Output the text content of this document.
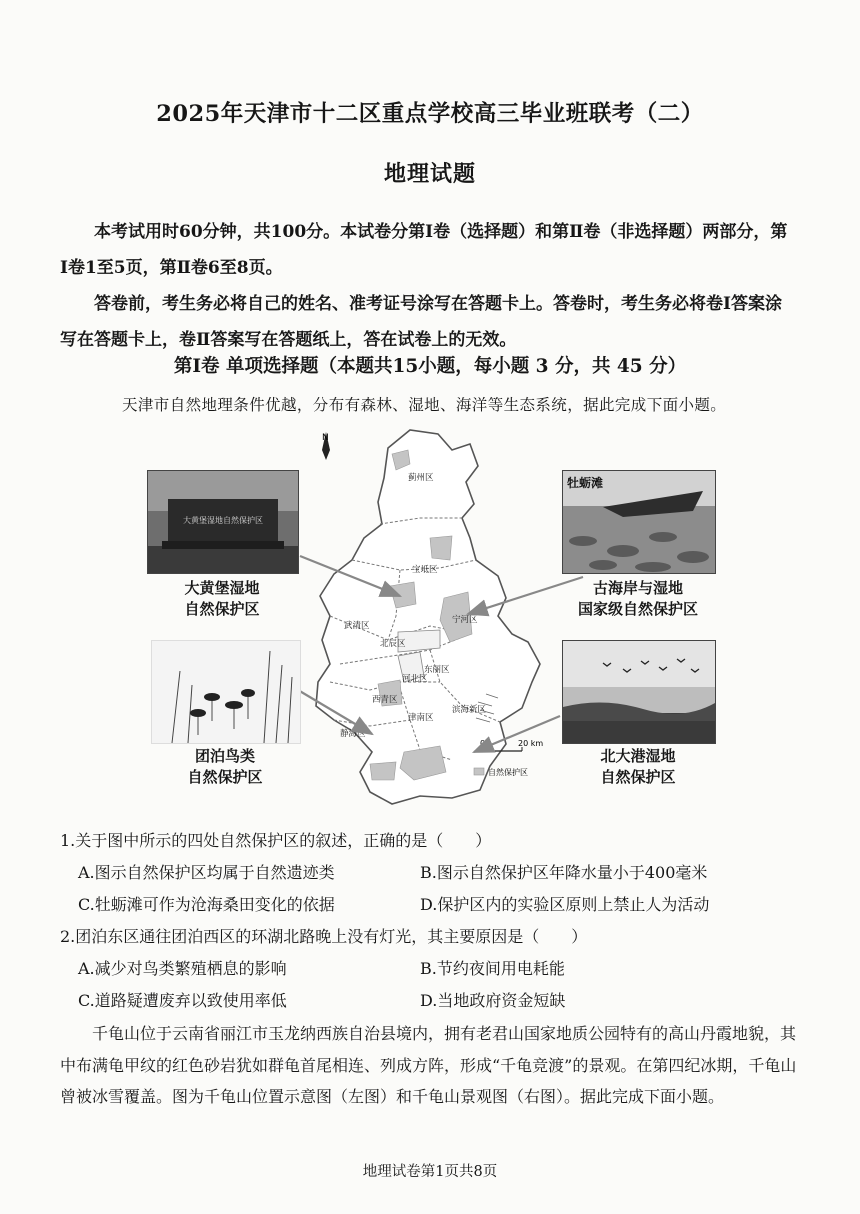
2025年天津市十二区重点学校高三毕业班联考（二）
地理试题
本考试用时60分钟，共100分。本试卷分第Ⅰ卷（选择题）和第Ⅱ卷（非选择题）两部分，第Ⅰ卷1至5页，第Ⅱ卷6至8页。
答卷前，考生务必将自己的姓名、准考证号涂写在答题卡上。答卷时，考生务必将卷Ⅰ答案涂写在答题卡上，卷Ⅱ答案写在答题纸上，答在试卷上的无效。
第Ⅰ卷 单项选择题（本题共15小题，每小题 3 分，共 45 分）
天津市自然地理条件优越，分布有森林、湿地、海洋等生态系统，据此完成下面小题。
N
蓟州区
宝坻区
武清区
宁河区
北辰区
东丽区
河北区
西青区
津南区
滨海新区
静海区
0	20 km
自然保护区
大黄堡湿地自然保护区
大黄堡湿地
自然保护区
牡蛎滩
古海岸与湿地
国家级自然保护区
团泊鸟类
自然保护区
北大港湿地
自然保护区
1.关于图中所示的四处自然保护区的叙述，正确的是（　　）
A.图示自然保护区均属于自然遗迹类	B.图示自然保护区年降水量小于400毫米
C.牡蛎滩可作为沧海桑田变化的依据	D.保护区内的实验区原则上禁止人为活动
2.团泊东区通往团泊西区的环湖北路晚上没有灯光，其主要原因是（　　）
A.减少对鸟类繁殖栖息的影响	B.节约夜间用电耗能
C.道路疑遭废弃以致使用率低	D.当地政府资金短缺
千龟山位于云南省丽江市玉龙纳西族自治县境内，拥有老君山国家地质公园特有的高山丹霞地貌，其中布满龟甲纹的红色砂岩犹如群龟首尾相连、列成方阵，形成“千龟竞渡”的景观。在第四纪冰期，千龟山曾被冰雪覆盖。图为千龟山位置示意图（左图）和千龟山景观图（右图）。据此完成下面小题。
地理试卷第1页共8页
